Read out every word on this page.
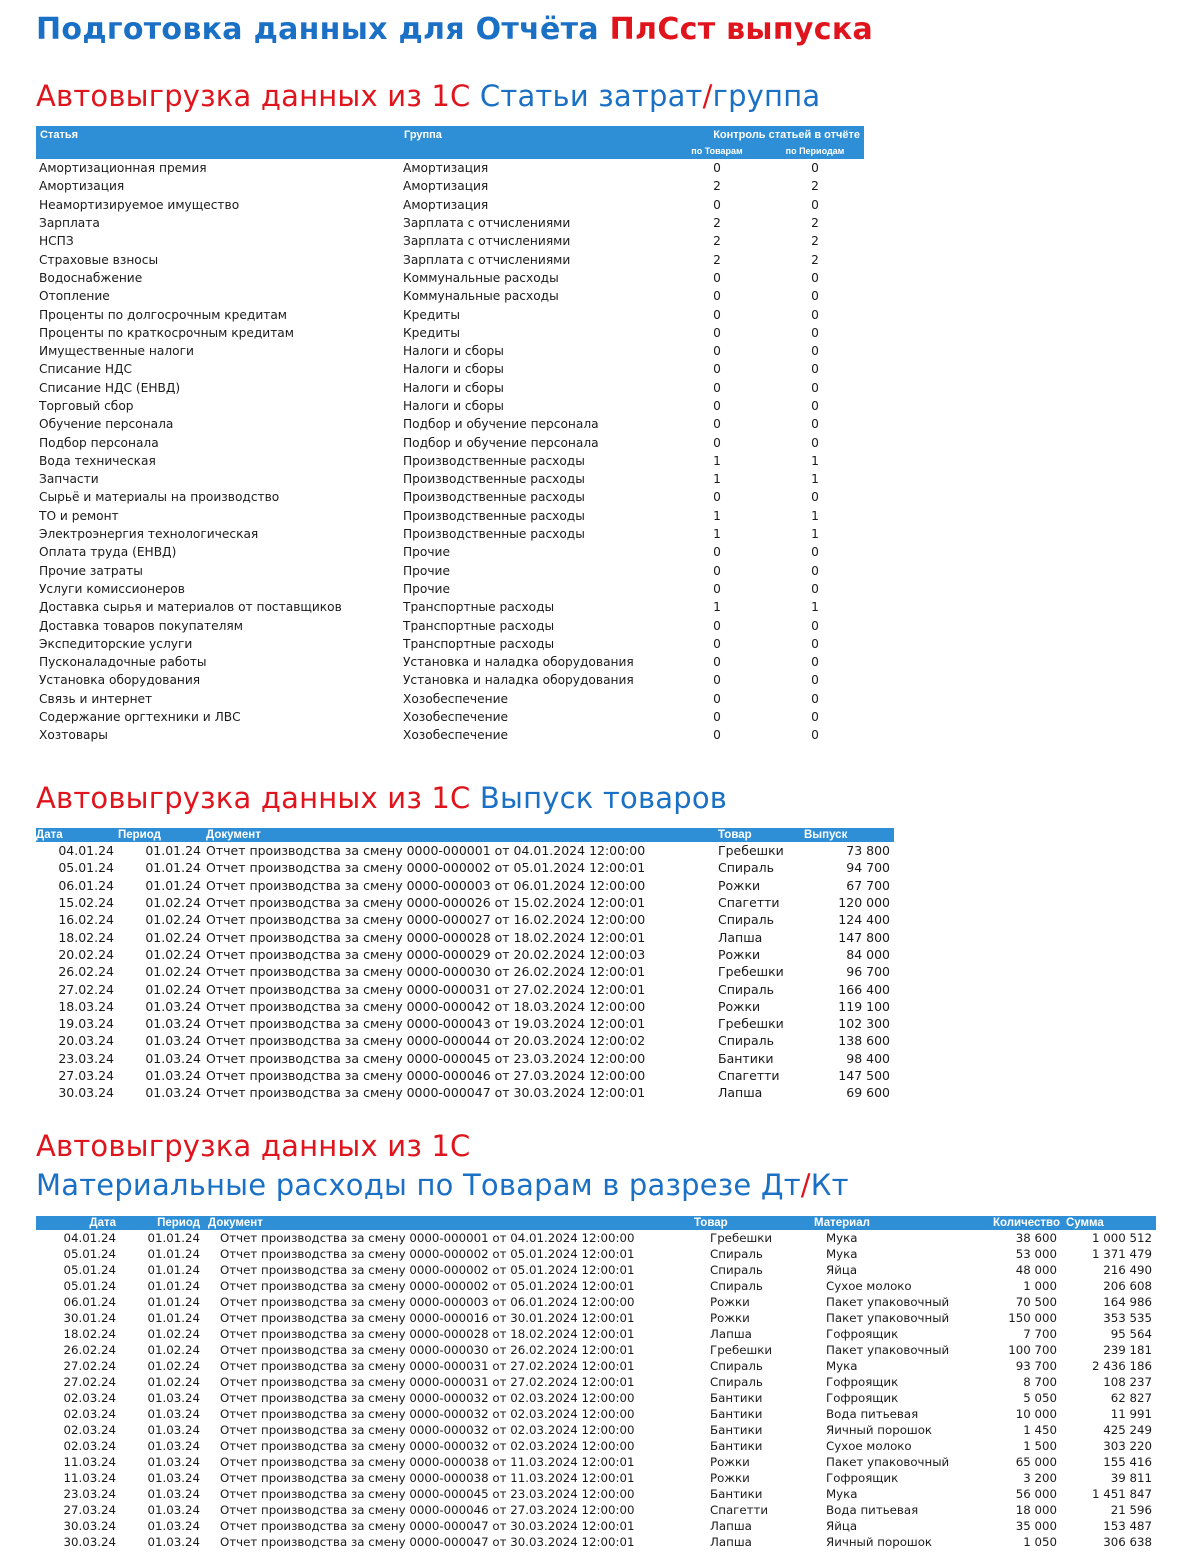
Подготовка данных для Отчёта ПлСст выпуска
Автовыгрузка данных из 1С Статьи затрат/группа
Статья	Группа	Контроль статьей в отчёте	
		по Товарам	по Периодам
Амортизационная премия	Амортизация	0	0
Амортизация	Амортизация	2	2
Неамортизируемое имущество	Амортизация	0	0
Зарплата	Зарплата с отчислениями	2	2
НСПЗ	Зарплата с отчислениями	2	2
Страховые взносы	Зарплата с отчислениями	2	2
Водоснабжение	Коммунальные расходы	0	0
Отопление	Коммунальные расходы	0	0
Проценты по долгосрочным кредитам	Кредиты	0	0
Проценты по краткосрочным кредитам	Кредиты	0	0
Имущественные налоги	Налоги и сборы	0	0
Списание НДС	Налоги и сборы	0	0
Списание НДС (ЕНВД)	Налоги и сборы	0	0
Торговый сбор	Налоги и сборы	0	0
Обучение персонала	Подбор и обучение персонала	0	0
Подбор персонала	Подбор и обучение персонала	0	0
Вода техническая	Производственные расходы	1	1
Запчасти	Производственные расходы	1	1
Сырьё и материалы на производство	Производственные расходы	0	0
ТО и ремонт	Производственные расходы	1	1
Электроэнергия технологическая	Производственные расходы	1	1
Оплата труда (ЕНВД)	Прочие	0	0
Прочие затраты	Прочие	0	0
Услуги комиссионеров	Прочие	0	0
Доставка сырья и материалов от поставщиков	Транспортные расходы	1	1
Доставка товаров покупателям	Транспортные расходы	0	0
Экспедиторские услуги	Транспортные расходы	0	0
Пусконаладочные работы	Установка и наладка оборудования	0	0
Установка оборудования	Установка и наладка оборудования	0	0
Связь и интернет	Хозобеспечение	0	0
Содержание оргтехники и ЛВС	Хозобеспечение	0	0
Хозтовары	Хозобеспечение	0	0
Автовыгрузка данных из 1С Выпуск товаров
Дата	Период	Документ	Товар	Выпуск
04.01.24	01.01.24	Отчет производства за смену 0000-000001 от 04.01.2024 12:00:00	Гребешки	73 800
05.01.24	01.01.24	Отчет производства за смену 0000-000002 от 05.01.2024 12:00:01	Спираль	94 700
06.01.24	01.01.24	Отчет производства за смену 0000-000003 от 06.01.2024 12:00:00	Рожки	67 700
15.02.24	01.02.24	Отчет производства за смену 0000-000026 от 15.02.2024 12:00:01	Спагетти	120 000
16.02.24	01.02.24	Отчет производства за смену 0000-000027 от 16.02.2024 12:00:00	Спираль	124 400
18.02.24	01.02.24	Отчет производства за смену 0000-000028 от 18.02.2024 12:00:01	Лапша	147 800
20.02.24	01.02.24	Отчет производства за смену 0000-000029 от 20.02.2024 12:00:03	Рожки	84 000
26.02.24	01.02.24	Отчет производства за смену 0000-000030 от 26.02.2024 12:00:01	Гребешки	96 700
27.02.24	01.02.24	Отчет производства за смену 0000-000031 от 27.02.2024 12:00:01	Спираль	166 400
18.03.24	01.03.24	Отчет производства за смену 0000-000042 от 18.03.2024 12:00:00	Рожки	119 100
19.03.24	01.03.24	Отчет производства за смену 0000-000043 от 19.03.2024 12:00:01	Гребешки	102 300
20.03.24	01.03.24	Отчет производства за смену 0000-000044 от 20.03.2024 12:00:02	Спираль	138 600
23.03.24	01.03.24	Отчет производства за смену 0000-000045 от 23.03.2024 12:00:00	Бантики	98 400
27.03.24	01.03.24	Отчет производства за смену 0000-000046 от 27.03.2024 12:00:00	Спагетти	147 500
30.03.24	01.03.24	Отчет производства за смену 0000-000047 от 30.03.2024 12:00:01	Лапша	69 600
Автовыгрузка данных из 1С
Материальные расходы по Товарам в разрезе Дт/Кт
Дата	Период	Документ	Товар	Материал	Количество	Сумма
04.01.24	01.01.24	Отчет производства за смену 0000-000001 от 04.01.2024 12:00:00	Гребешки	Мука	38 600	1 000 512
05.01.24	01.01.24	Отчет производства за смену 0000-000002 от 05.01.2024 12:00:01	Спираль	Мука	53 000	1 371 479
05.01.24	01.01.24	Отчет производства за смену 0000-000002 от 05.01.2024 12:00:01	Спираль	Яйца	48 000	216 490
05.01.24	01.01.24	Отчет производства за смену 0000-000002 от 05.01.2024 12:00:01	Спираль	Сухое молоко	1 000	206 608
06.01.24	01.01.24	Отчет производства за смену 0000-000003 от 06.01.2024 12:00:00	Рожки	Пакет упаковочный	70 500	164 986
30.01.24	01.01.24	Отчет производства за смену 0000-000016 от 30.01.2024 12:00:01	Рожки	Пакет упаковочный	150 000	353 535
18.02.24	01.02.24	Отчет производства за смену 0000-000028 от 18.02.2024 12:00:01	Лапша	Гофроящик	7 700	95 564
26.02.24	01.02.24	Отчет производства за смену 0000-000030 от 26.02.2024 12:00:01	Гребешки	Пакет упаковочный	100 700	239 181
27.02.24	01.02.24	Отчет производства за смену 0000-000031 от 27.02.2024 12:00:01	Спираль	Мука	93 700	2 436 186
27.02.24	01.02.24	Отчет производства за смену 0000-000031 от 27.02.2024 12:00:01	Спираль	Гофроящик	8 700	108 237
02.03.24	01.03.24	Отчет производства за смену 0000-000032 от 02.03.2024 12:00:00	Бантики	Гофроящик	5 050	62 827
02.03.24	01.03.24	Отчет производства за смену 0000-000032 от 02.03.2024 12:00:00	Бантики	Вода питьевая	10 000	11 991
02.03.24	01.03.24	Отчет производства за смену 0000-000032 от 02.03.2024 12:00:00	Бантики	Яичный порошок	1 450	425 249
02.03.24	01.03.24	Отчет производства за смену 0000-000032 от 02.03.2024 12:00:00	Бантики	Сухое молоко	1 500	303 220
11.03.24	01.03.24	Отчет производства за смену 0000-000038 от 11.03.2024 12:00:01	Рожки	Пакет упаковочный	65 000	155 416
11.03.24	01.03.24	Отчет производства за смену 0000-000038 от 11.03.2024 12:00:01	Рожки	Гофроящик	3 200	39 811
23.03.24	01.03.24	Отчет производства за смену 0000-000045 от 23.03.2024 12:00:00	Бантики	Мука	56 000	1 451 847
27.03.24	01.03.24	Отчет производства за смену 0000-000046 от 27.03.2024 12:00:00	Спагетти	Вода питьевая	18 000	21 596
30.03.24	01.03.24	Отчет производства за смену 0000-000047 от 30.03.2024 12:00:01	Лапша	Яйца	35 000	153 487
30.03.24	01.03.24	Отчет производства за смену 0000-000047 от 30.03.2024 12:00:01	Лапша	Яичный порошок	1 050	306 638
